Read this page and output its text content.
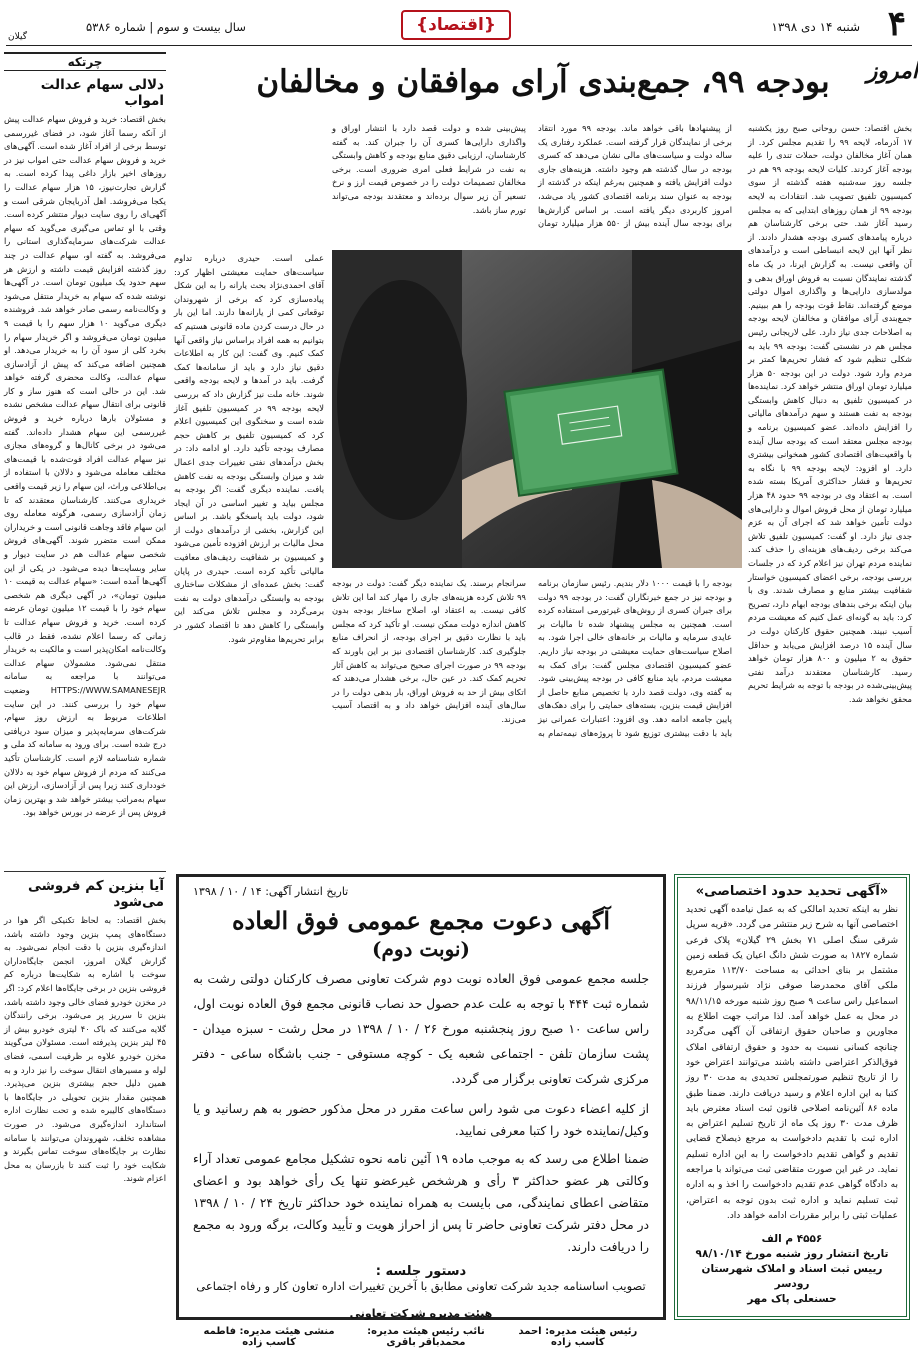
۴
شنبه ۱۴ دی ۱۳۹۸
{اقتصاد}
سال بیست و سوم | شماره ۵۳۸۶
امروز
گیلان
چرتکه
دلالی سهام عدالت امواب
بخش اقتصاد: خرید و فروش سهام عدالت پیش از آنکه رسما آغاز شود، در فضای غیررسمی توسط برخی از افراد آغاز شده است. آگهی‌های خرید و فروش سهام عدالت حتی امواب نیز در روزهای اخیر بازار داغی پیدا کرده است. به گزارش تجارت‌نیوز، ۱۵ هزار سهام عدالت را یکجا می‌فروشد. اهل آذربایجان شرقی است و آگهی‌ای را روی سایت دیوار منتشر کرده است. وقتی با او تماس می‌گیری می‌گوید که سهام عدالت شرکت‌های سرمایه‌گذاری استانی را می‌فروشد. به گفته او، سهام عدالت در چند روز گذشته افزایش قیمت داشته و ارزش هر سهم حدود یک میلیون تومان است. در آگهی‌ها نوشته شده که سهام به خریدار منتقل می‌شود و وکالت‌نامه رسمی صادر خواهد شد. فروشنده دیگری می‌گوید ۱۰ هزار سهم را با قیمت ۹ میلیون تومان می‌فروشد و اگر خریدار سهام را بخرد کلی از سود آن را به خریدار می‌دهد. او همچنین اضافه می‌کند که پیش از آزادسازی سهام عدالت، وکالت محضری گرفته خواهد شد. این در حالی است که هنوز ساز و کار قانونی برای انتقال سهام عدالت مشخص نشده و مسئولان بارها درباره خرید و فروش غیررسمی این سهام هشدار داده‌اند. گفته می‌شود در برخی کانال‌ها و گروه‌های مجازی نیز سهام عدالت افراد فوت‌شده با قیمت‌های مختلف معامله می‌شود و دلالان با استفاده از بی‌اطلاعی وراث، این سهام را زیر قیمت واقعی خریداری می‌کنند. کارشناسان معتقدند که تا زمان آزادسازی رسمی، هرگونه معامله روی این سهام فاقد وجاهت قانونی است و خریداران ممکن است متضرر شوند. آگهی‌های فروش شخصی سهام عدالت هم در سایت دیوار و سایر وبسایت‌ها دیده می‌شود. در یکی از این آگهی‌ها آمده است: «سهام عدالت به قیمت ۱۰ میلیون تومان»، در آگهی دیگری هم شخصی سهام خود را با قیمت ۱۲ میلیون تومان عرضه کرده است. خرید و فروش سهام عدالت تا زمانی که رسما اعلام نشده، فقط در قالب وکالت‌نامه امکان‌پذیر است و مالکیت به خریدار منتقل نمی‌شود. مشمولان سهام عدالت می‌توانند با مراجعه به سامانه HTTPS://WWW.SAMANESEJR وضعیت سهام خود را بررسی کنند. در این سایت اطلاعات مربوط به ارزش روز سهام، شرکت‌های سرمایه‌پذیر و میزان سود دریافتی درج شده است. برای ورود به سامانه کد ملی و شماره شناسنامه لازم است. کارشناسان تأکید می‌کنند که مردم از فروش سهام خود به دلالان خودداری کنند زیرا پس از آزادسازی، ارزش این سهام به‌مراتب بیشتر خواهد شد و بهترین زمان فروش پس از عرضه در بورس خواهد بود.
آیا بنزین کم فروشی می‌شود
بخش اقتصاد: به لحاظ تکنیکی اگر هوا در دستگاه‌های پمپ بنزین وجود داشته باشد، اندازه‌گیری بنزین با دقت انجام نمی‌شود. به گزارش گیلان امروز، انجمن جایگاه‌داران سوخت با اشاره به شکایت‌ها درباره کم فروشی بنزین در برخی جایگاه‌ها اعلام کرد: اگر در مخزن خودرو فضای خالی وجود داشته باشد، بنزین تا سرریز پر می‌شود. برخی رانندگان گلایه می‌کنند که باک ۴۰ لیتری خودرو بیش از ۴۵ لیتر بنزین پذیرفته است. مسئولان می‌گویند مخزن خودرو علاوه بر ظرفیت اسمی، فضای لوله و مسیرهای انتقال سوخت را نیز دارد و به همین دلیل حجم بیشتری بنزین می‌پذیرد. همچنین مقدار بنزین تحویلی در جایگاه‌ها با دستگاه‌های کالیبره شده و تحت نظارت اداره استاندارد اندازه‌گیری می‌شود. در صورت مشاهده تخلف، شهروندان می‌توانند با سامانه نظارت بر جایگاه‌های سوخت تماس بگیرند و شکایت خود را ثبت کنند تا بازرسان به محل اعزام شوند.
بودجه ۹۹، جمع‌بندی آرای موافقان و مخالفان
بخش اقتصاد: حسن روحانی صبح روز یکشنبه ۱۷ آذرماه، لایحه ۹۹ را تقدیم مجلس کرد. از همان آغاز مخالفان دولت، حملات تندی را علیه بودجه آغاز کردند. کلیات لایحه بودجه ۹۹ هم در جلسه روز سه‌شنبه هفته گذشته از سوی کمیسیون تلفیق تصویب شد. انتقادات به لایحه بودجه ۹۹ از همان روزهای ابتدایی که به مجلس رسید آغاز شد. حتی برخی کارشناسان هم درباره پیامدهای کسری بودجه هشدار دادند. از نظر آنها این لایحه انبساطی است و درآمدهای آن واقعی نیست. به گزارش ایرنا، در یک ماه گذشته نمایندگان نسبت به فروش اوراق بدهی و مولدسازی دارایی‌ها و واگذاری اموال دولتی موضع گرفته‌اند. نقاط قوت بودجه را هم ببینیم. جمع‌بندی آرای موافقان و مخالفان لایحه بودجه به اصلاحات جدی نیاز دارد. علی لاریجانی رئیس مجلس هم در نشستی گفت: بودجه ۹۹ باید به شکلی تنظیم شود که فشار تحریم‌ها کمتر بر مردم وارد شود. دولت در این بودجه ۵۰ هزار میلیارد تومان اوراق منتشر خواهد کرد. نماینده‌ها در کمیسیون تلفیق به دنبال کاهش وابستگی بودجه به نفت هستند و سهم درآمدهای مالیاتی را افزایش داده‌اند. عضو کمیسیون برنامه و بودجه مجلس معتقد است که بودجه سال آینده با واقعیت‌های اقتصادی کشور همخوانی بیشتری دارد. او افزود: لایحه بودجه ۹۹ با نگاه به تحریم‌ها و فشار حداکثری آمریکا بسته شده است. به اعتقاد وی در بودجه ۹۹ حدود ۴۸ هزار میلیارد تومان از محل فروش اموال و دارایی‌های دولت تأمین خواهد شد که اجرای آن به عزم جدی نیاز دارد. او گفت: کمیسیون تلفیق تلاش می‌کند برخی ردیف‌های هزینه‌ای را حذف کند. نماینده مردم تهران نیز اعلام کرد که در جلسات بررسی بودجه، برخی اعضای کمیسیون خواستار شفافیت بیشتر منابع و مصارف شدند. وی با بیان اینکه برخی بندهای بودجه ابهام دارد، تصریح کرد: باید به گونه‌ای عمل کنیم که معیشت مردم آسیب نبیند. همچنین حقوق کارکنان دولت در سال آینده ۱۵ درصد افزایش می‌یابد و حداقل حقوق به ۲ میلیون و ۸۰۰ هزار تومان خواهد رسید. کارشناسان معتقدند درآمد نفتی پیش‌بینی‌شده در بودجه با توجه به شرایط تحریم محقق نخواهد شد.
از پیشنهادها باقی خواهد ماند. بودجه ۹۹ مورد انتقاد برخی از نمایندگان قرار گرفته است. عملکرد رفتاری یک ساله دولت و سیاست‌های مالی نشان می‌دهد که کسری بودجه در سال گذشته هم وجود داشته. هزینه‌های جاری دولت افزایش یافته و همچنین به‌رغم اینکه در گذشته از بودجه به عنوان سند برنامه اقتصادی کشور یاد می‌شد، امروز کاربردی دیگر یافته است. بر اساس گزارش‌ها برای بودجه سال آینده بیش از ۵۵۰ هزار میلیارد تومان پیش‌بینی شده و دولت قصد دارد با انتشار اوراق و واگذاری دارایی‌ها کسری آن را جبران کند. به گفته کارشناسان، ارزیابی دقیق منابع بودجه و کاهش وابستگی به نفت در شرایط فعلی امری ضروری است. برخی مخالفان تصمیمات دولت را در خصوص قیمت ارز و نرخ تسعیر آن زیر سوال برده‌اند و معتقدند بودجه می‌تواند تورم ساز باشد.
عملی است. حیدری درباره تداوم سیاست‌های حمایت معیشتی اظهار کرد: آقای احمدی‌نژاد بحث یارانه را به این شکل پیاده‌سازی کرد که برخی از شهروندان توقعاتی کمی از یارانه‌ها دارند. اما این بار در حال درست کردن ماده قانونی هستیم که بتوانیم به همه افراد براساس نیاز واقعی آنها کمک کنیم. وی گفت: این کار به اطلاعات دقیق نیاز دارد و باید از سامانه‌ها کمک گرفت. باید در آمدها و لایحه بودجه واقعی شوند. خانه ملت نیز گزارش داد که بررسی لایحه بودجه ۹۹ در کمیسیون تلفیق آغاز شده است و سخنگوی این کمیسیون اعلام کرد که کمیسیون تلفیق بر کاهش حجم مصارف بودجه تأکید دارد. او ادامه داد: در بخش درآمدهای نفتی تغییرات جدی اعمال شد و میزان وابستگی بودجه به نفت کاهش یافت. نماینده دیگری گفت: اگر بودجه به مجلس بیاید و تغییر اساسی در آن ایجاد شود، دولت باید پاسخگو باشد. بر اساس این گزارش، بخشی از درآمدهای دولت از محل مالیات بر ارزش افزوده تأمین می‌شود و کمیسیون بر شفافیت ردیف‌های معافیت مالیاتی تأکید کرده است. حیدری در پایان گفت: بخش عمده‌ای از مشکلات ساختاری بودجه به وابستگی درآمدهای دولت به نفت برمی‌گردد و مجلس تلاش می‌کند این وابستگی را کاهش دهد تا اقتصاد کشور در برابر تحریم‌ها مقاوم‌تر شود.
بودجه را با قیمت ۱۰۰۰ دلار بندیم. رئیس سازمان برنامه و بودجه نیز در جمع خبرنگاران گفت: در بودجه ۹۹ دولت برای جبران کسری از روش‌های غیرتورمی استفاده کرده است. همچنین به مجلس پیشنهاد شده تا مالیات بر عایدی سرمایه و مالیات بر خانه‌های خالی اجرا شود. به اصلاح سیاست‌های حمایت معیشتی در بودجه نیاز داریم. عضو کمیسیون اقتصادی مجلس گفت: برای کمک به معیشت مردم، باید منابع کافی در بودجه پیش‌بینی شود. به گفته وی، دولت قصد دارد با تخصیص منابع حاصل از افزایش قیمت بنزین، بسته‌های حمایتی را برای دهک‌های پایین جامعه ادامه دهد. وی افزود: اعتبارات عمرانی نیز باید با دقت بیشتری توزیع شود تا پروژه‌های نیمه‌تمام به سرانجام برسند. یک نماینده دیگر گفت: دولت در بودجه ۹۹ تلاش کرده هزینه‌های جاری را مهار کند اما این تلاش کافی نیست. به اعتقاد او، اصلاح ساختار بودجه بدون کاهش اندازه دولت ممکن نیست. او تأکید کرد که مجلس باید با نظارت دقیق بر اجرای بودجه، از انحراف منابع جلوگیری کند. کارشناسان اقتصادی نیز بر این باورند که بودجه ۹۹ در صورت اجرای صحیح می‌تواند به کاهش آثار تحریم کمک کند. در عین حال، برخی هشدار می‌دهند که اتکای بیش از حد به فروش اوراق، بار بدهی دولت را در سال‌های آینده افزایش خواهد داد و به اقتصاد آسیب می‌زند.
تاریخ انتشار آگهی: ۱۴ / ۱۰ / ۱۳۹۸
آگهی دعوت مجمع عمومی فوق العاده
(نوبت دوم)
جلسه مجمع عمومی فوق العاده نوبت دوم شرکت تعاونی مصرف کارکنان دولتی رشت به شماره ثبت ۴۴۴ با توجه به علت عدم حصول حد نصاب قانونی مجمع فوق العاده نوبت اول، راس ساعت ۱۰ صبح روز پنجشنبه مورخ ۲۶ / ۱۰ / ۱۳۹۸ در محل رشت - سبزه میدان - پشت سازمان تلفن - اجتماعی شعبه یک - کوچه مستوفی - جنب باشگاه ساعی - دفتر مرکزی شرکت تعاونی برگزار می گردد.
از کلیه اعضاء دعوت می شود راس ساعت مقرر در محل مذکور حضور به هم رسانید و یا وکیل/نماینده خود را کتبا معرفی نمایید.
ضمنا اطلاع می رسد که به موجب ماده ۱۹ آئین نامه نحوه تشکیل مجامع عمومی تعداد آراء وکالتی هر عضو حداکثر ۳ رأی و هرشخص غیرعضو تنها یک رأی خواهد بود و اعضای متقاضی اعطای نمایندگی، می بایست به همراه نماینده خود حداکثر تاریخ ۲۴ / ۱۰ / ۱۳۹۸ در محل دفتر شرکت تعاونی حاضر تا پس از احراز هویت و تأیید وکالت، برگه ورود به مجمع را دریافت دارند.
دستور جلسه :
تصویب اساسنامه جدید شرکت تعاونی مطابق با آخرین تغییرات اداره تعاون کار و رفاه اجتماعی
هیئت مدیره شرکت تعاونی
رئیس هیئت مدیره: احمد کاسب زاده
نائب رئیس هیئت مدیره: محمدباقر باقری
منشی هیئت مدیره: فاطمه کاسب زاده
«آگهی تحدید حدود اختصاصی»
نظر به اینکه تحدید امالکی که به عمل نیامده آگهی تحدید اختصاصی آنها به شرح زیر منتشر می گردد. «قریه سرپل شرقی سنگ اصلی ۷۱ بخش ۲۹ گیلان» پلاک فرعی شماره ۱۸۲۷ به صورت شش دانگ اعیان یک قطعه زمین مشتمل بر بنای احداثی به مساحت ۱۱۳/۷۰ مترمربع ملکی آقای محمدرضا صوفی نژاد شیرسوار فرزند اسماعیل راس ساعت ۹ صبح روز شنبه مورخه ۹۸/۱۱/۱۵ در محل به عمل خواهد آمد. لذا مراتب جهت اطلاع به مجاورین و صاحبان حقوق ارتفاقی آن آگهی می‌گردد چنانچه کسانی نسبت به حدود و حقوق ارتفاقی املاک فوق‌الذکر اعتراضی داشته باشند می‌توانند اعتراض خود را از تاریخ تنظیم صورتمجلس تحدیدی به مدت ۳۰ روز کتبا به این اداره اعلام و رسید دریافت دارند. ضمنا طبق ماده ۸۶ آئین‌نامه اصلاحی قانون ثبت اسناد معترض باید ظرف مدت ۳۰ روز یک ماه از تاریخ تسلیم اعتراض به اداره ثبت با تقدیم دادخواست به مرجع ذیصلاح قضایی تقدیم و گواهی تقدیم دادخواست را به این اداره تسلیم نماید. در غیر این صورت متقاضی ثبت می‌تواند با مراجعه به دادگاه گواهی عدم تقدیم دادخواست را اخذ و به اداره ثبت تسلیم نماید و اداره ثبت بدون توجه به اعتراض، عملیات ثبتی را برابر مقررات ادامه خواهد داد.
۴۵۵۶ م الف
تاریخ انتشار روز شنبه مورخ ۹۸/۱۰/۱۴
رییس ثبت اسناد و املاک شهرستان رودسر
حسنعلی پاک مهر
